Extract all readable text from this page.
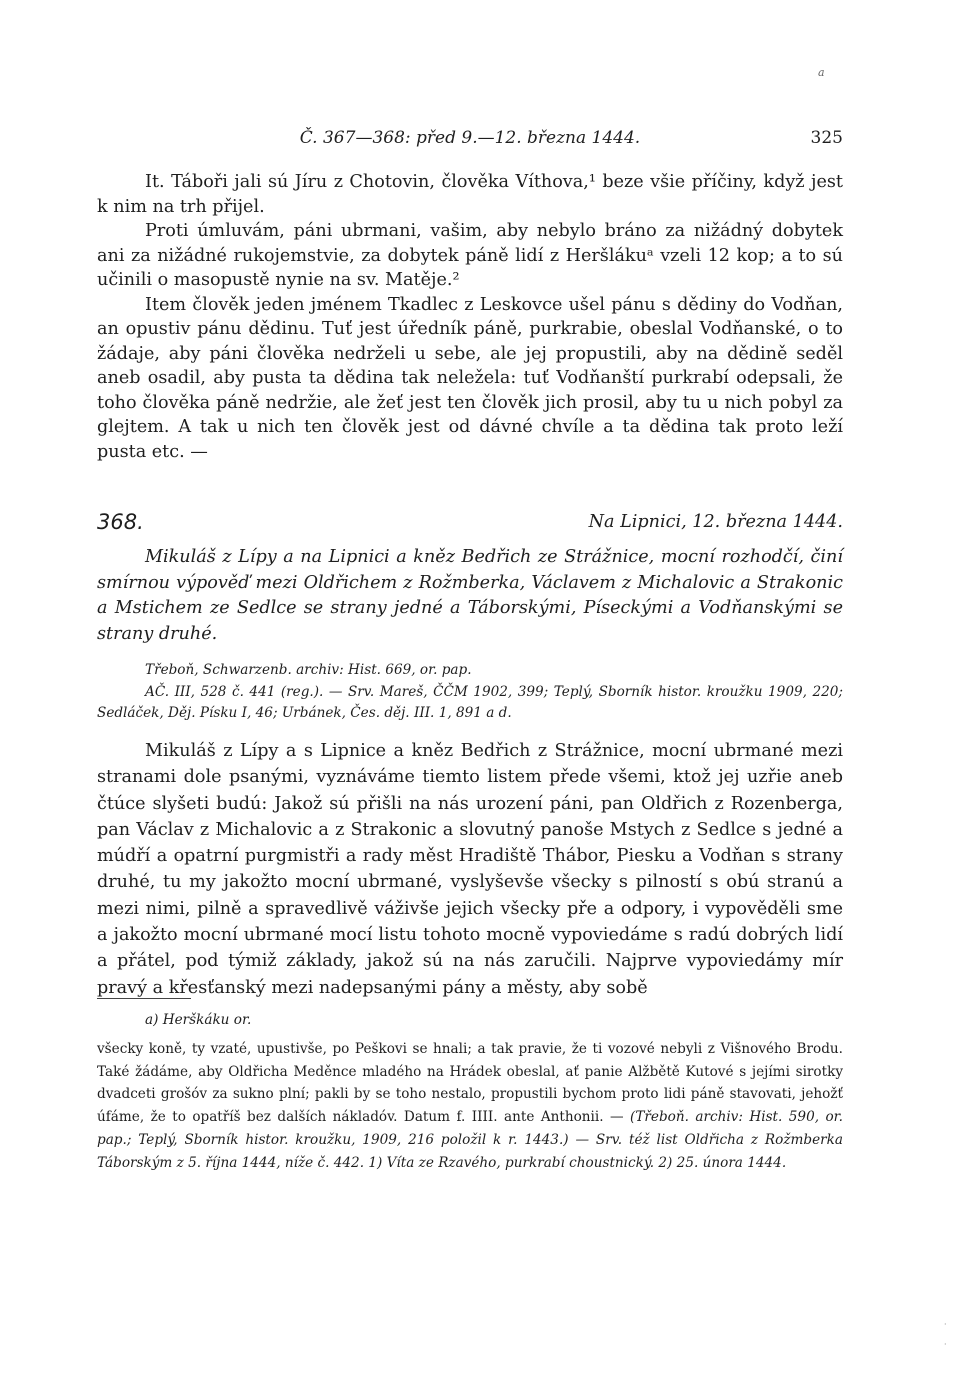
a
Č. 367—368: před 9.—12. března 1444.	325

It. Táboři jali sú Jíru z Chotovin, člověka Víthova,¹ beze všie příčiny, když jest k nim na trh přijel.

Proti úmluvám, páni ubrmani, vašim, aby nebylo bráno za nižádný dobytek ani za nižádné rukojemstvie, za dobytek páně lidí z Heršlákuᵃ vzeli 12 kop; a to sú učinili o masopustě nynie na sv. Matěje.²

Item člověk jeden jménem Tkadlec z Leskovce ušel pánu s dědiny do Vodňan, an opustiv pánu dědinu. Tuť jest úředník páně, purkrabie, obeslal Vodňanské, o to žádaje, aby páni člověka nedrželi u sebe, ale jej propustili, aby na dědině seděl aneb osadil, aby pusta ta dědina tak neležela: tuť Vodňanští purkrabí odepsali, že toho člověka páně nedržie, ale žeť jest ten člověk jich prosil, aby tu u nich pobyl za glejtem. A tak u nich ten člověk jest od dávné chvíle a ta dědina tak proto leží pusta etc. —

368.	Na Lipnici, 12. března 1444.

Mikuláš z Lípy a na Lipnici a kněz Bedřich ze Strážnice, mocní rozhodčí, činí smírnou výpověď mezi Oldřichem z Rožmberka, Václavem z Michalovic a Strakonic a Mstichem ze Sedlce se strany jedné a Táborskými, Píseckými a Vodňanskými se strany druhé.

Třeboň, Schwarzenb. archiv: Hist. 669, or. pap.

AČ. III, 528 č. 441 (reg.). — Srv. Mareš, ČČM 1902, 399; Teplý, Sborník histor. kroužku 1909, 220; Sedláček, Děj. Písku I, 46; Urbánek, Čes. děj. III. 1, 891 a d.

Mikuláš z Lípy a s Lipnice a kněz Bedřich z Strážnice, mocní ubrmané mezi stranami dole psanými, vyznáváme tiemto listem přede všemi, ktož jej uzřie aneb čtúce slyšeti budú: Jakož sú přišli na nás urození páni, pan Oldřich z Rozenberga, pan Václav z Michalovic a z Strakonic a slovutný panoše Mstych z Sedlce s jedné a múdří a opatrní purgmistři a rady měst Hradiště Thábor, Piesku a Vodňan s strany druhé, tu my jakožto mocní ubrmané, vyslyševše všecky s pilností s obú stranú a mezi nimi, pilně a spravedlivě váživše jejich všecky pře a odpory, i vypověděli sme a jakožto mocní ubrmané mocí listu tohoto mocně vypoviedáme s radú dobrých lidí a přátel, pod týmiž základy, jakož sú na nás zaručili. Najprve vypoviedámy mír pravý a křesťanský mezi nadepsanými pány a městy, aby sobě

a) Herškáku or.

všecky koně, ty vzaté, upustivše, po Peškovi se hnali; a tak pravie, že ti vozové nebyli z Višnového Brodu. Také žádáme, aby Oldřicha Meděnce mladého na Hrádek obeslal, ať panie Alžbětě Kutové s jejími sirotky dvadceti grošóv za sukno plní; pakli by se toho nestalo, propustili bychom proto lidi páně stavovati, jehožť úfáme, že to opatříš bez dalších nákladóv. Datum f. IIII. ante Anthonii. — (Třeboň. archiv: Hist. 590, or. pap.; Teplý, Sborník histor. kroužku, 1909, 216 položil k r. 1443.) — Srv. též list Oldřicha z Rožmberka Táborským z 5. října 1444, níže č. 442. 1) Víta ze Rzavého, purkrabí choustnický. 2) 25. února 1444.

·
·
